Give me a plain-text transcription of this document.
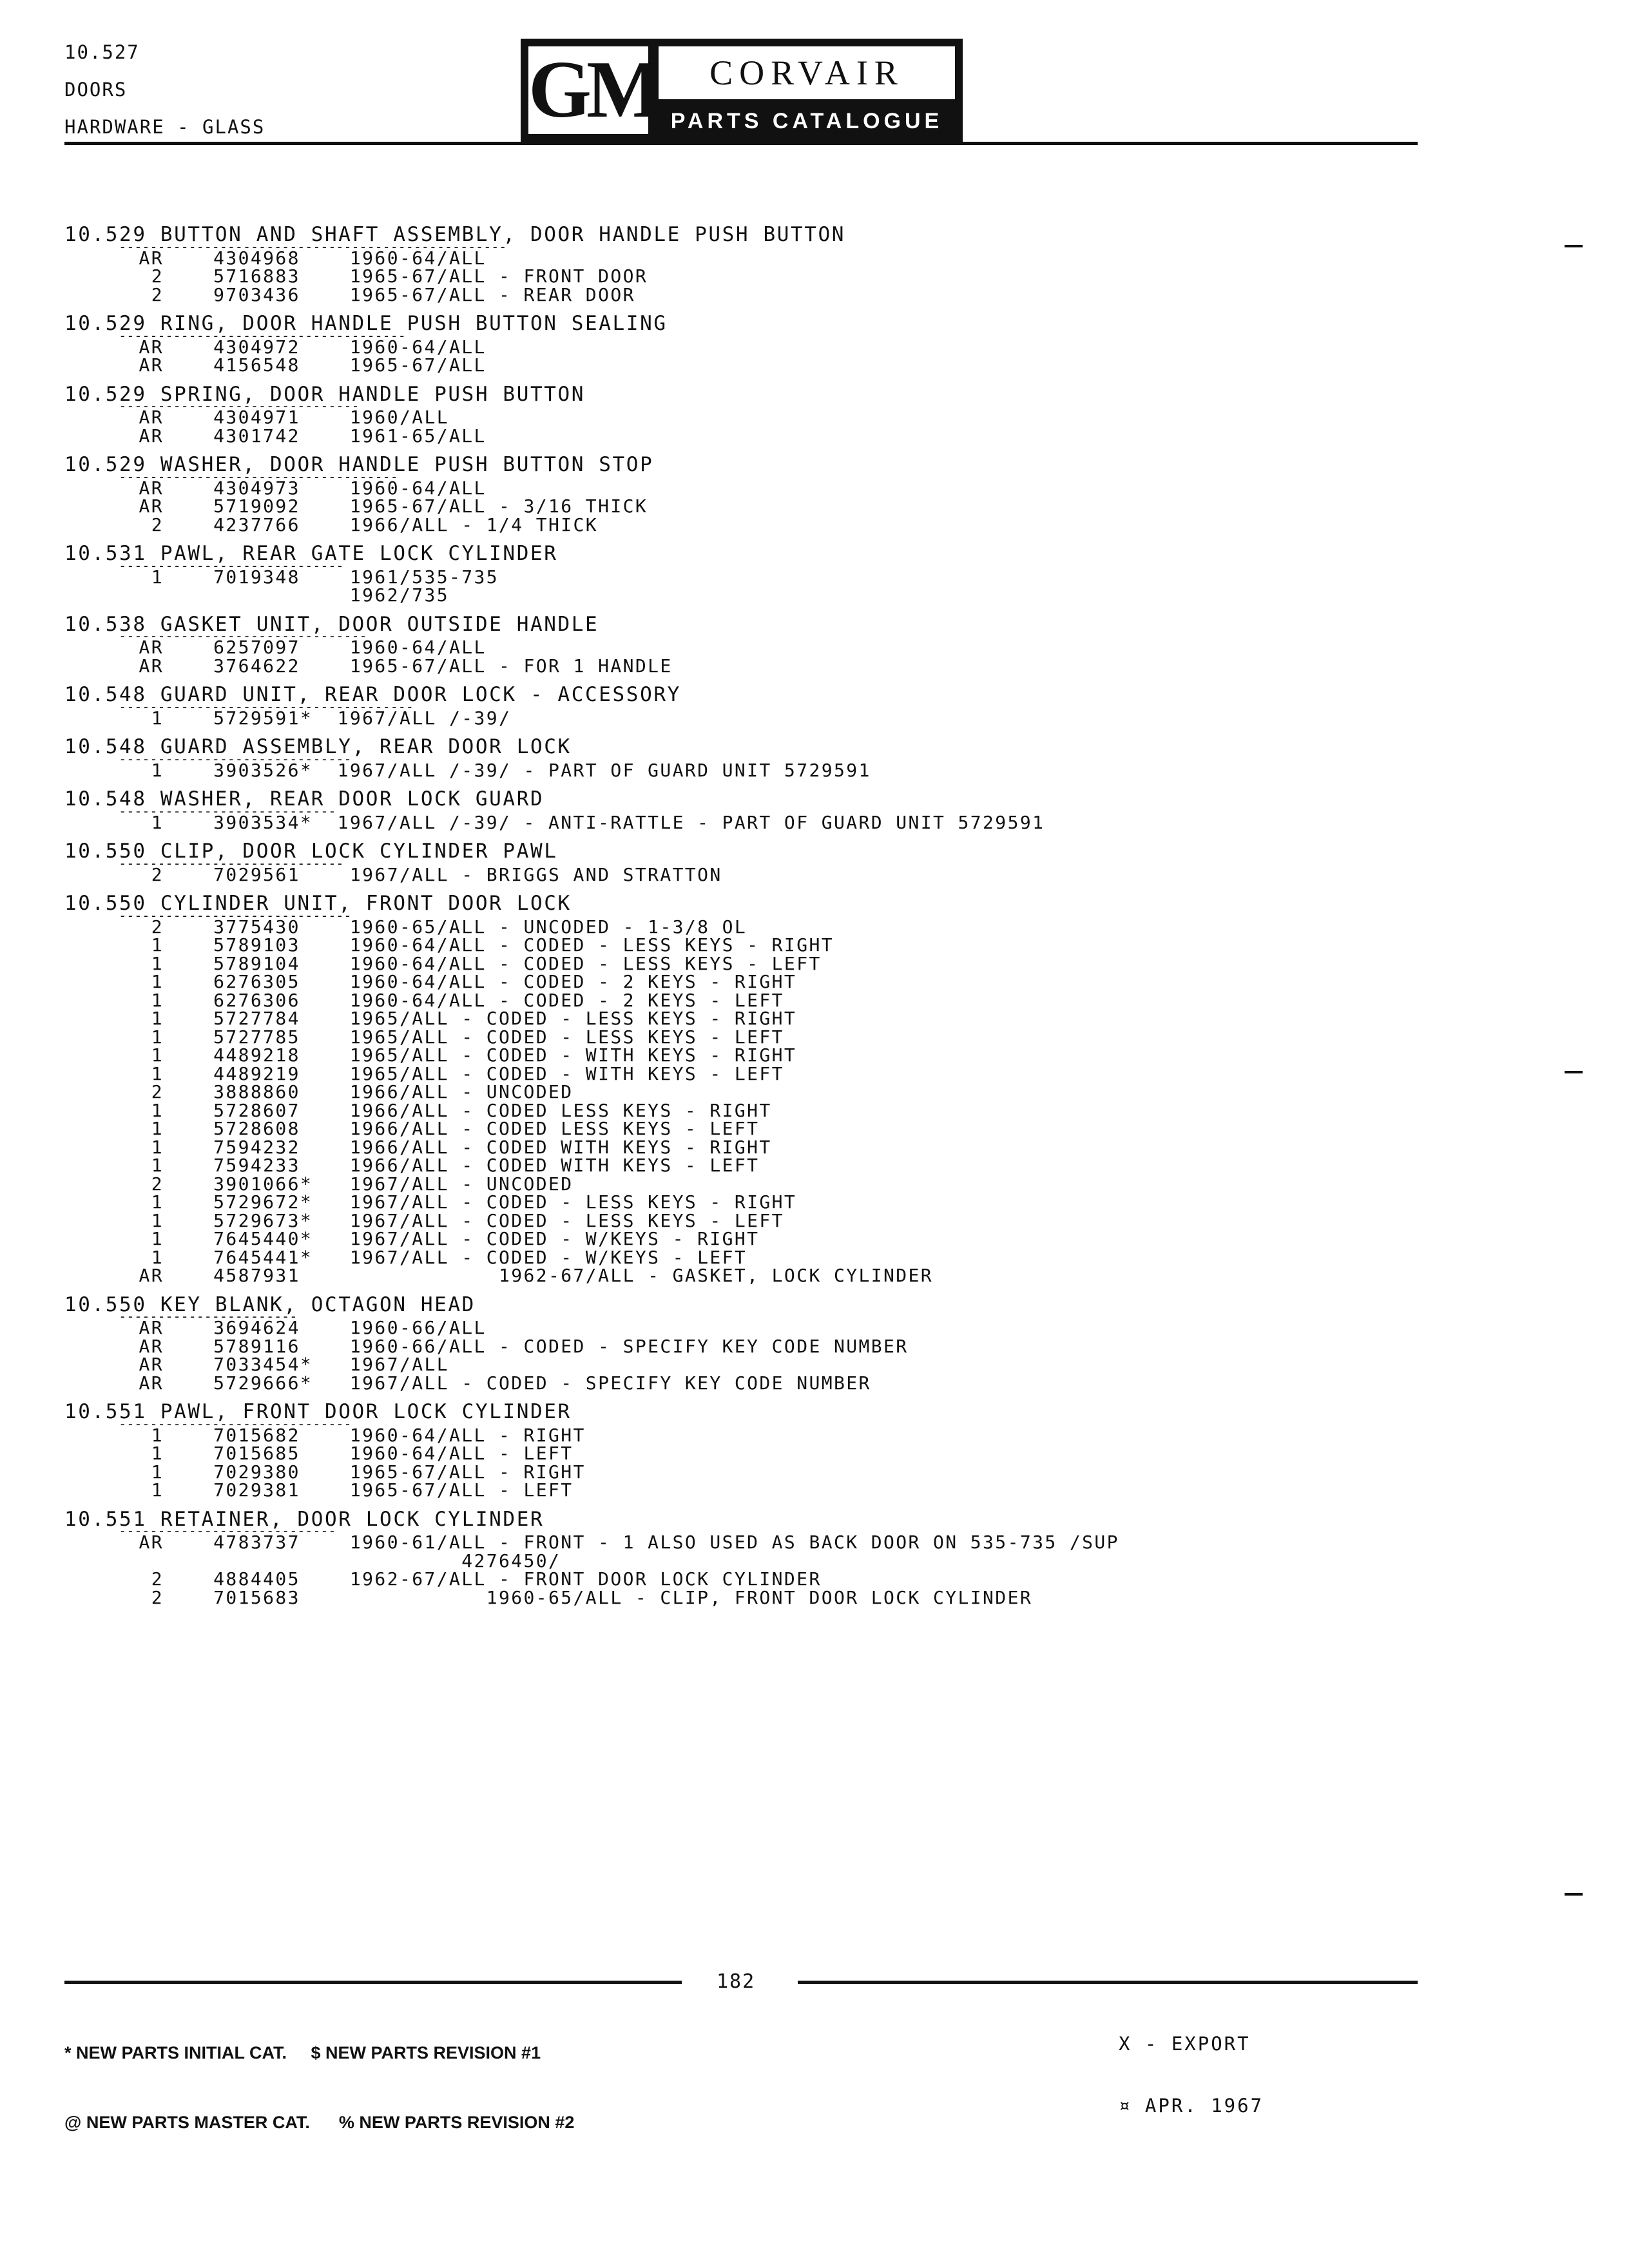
10.527
DOORS
HARDWARE - GLASS	GM	CORVAIR
PARTS CATALOGUE
10.529 BUTTON AND SHAFT ASSEMBLY, DOOR HANDLE PUSH BUTTON
AR    4304968    1960-64/ALL
2    5716883    1965-67/ALL - FRONT DOOR
2    9703436    1965-67/ALL - REAR DOOR
10.529 RING, DOOR HANDLE PUSH BUTTON SEALING
AR    4304972    1960-64/ALL
AR    4156548    1965-67/ALL
10.529 SPRING, DOOR HANDLE PUSH BUTTON
AR    4304971    1960/ALL
AR    4301742    1961-65/ALL
10.529 WASHER, DOOR HANDLE PUSH BUTTON STOP
AR    4304973    1960-64/ALL
AR    5719092    1965-67/ALL - 3/16 THICK
2    4237766    1966/ALL - 1/4 THICK
10.531 PAWL, REAR GATE LOCK CYLINDER
1    7019348    1961/535-735
1962/735
10.538 GASKET UNIT, DOOR OUTSIDE HANDLE
AR    6257097    1960-64/ALL
AR    3764622    1965-67/ALL - FOR 1 HANDLE
10.548 GUARD UNIT, REAR DOOR LOCK - ACCESSORY
1    5729591*  1967/ALL /-39/
10.548 GUARD ASSEMBLY, REAR DOOR LOCK
1    3903526*  1967/ALL /-39/ - PART OF GUARD UNIT 5729591
10.548 WASHER, REAR DOOR LOCK GUARD
1    3903534*  1967/ALL /-39/ - ANTI-RATTLE - PART OF GUARD UNIT 5729591
10.550 CLIP, DOOR LOCK CYLINDER PAWL
2    7029561    1967/ALL - BRIGGS AND STRATTON
10.550 CYLINDER UNIT, FRONT DOOR LOCK
2    3775430    1960-65/ALL - UNCODED - 1-3/8 OL
1    5789103    1960-64/ALL - CODED - LESS KEYS - RIGHT
1    5789104    1960-64/ALL - CODED - LESS KEYS - LEFT
1    6276305    1960-64/ALL - CODED - 2 KEYS - RIGHT
1    6276306    1960-64/ALL - CODED - 2 KEYS - LEFT
1    5727784    1965/ALL - CODED - LESS KEYS - RIGHT
1    5727785    1965/ALL - CODED - LESS KEYS - LEFT
1    4489218    1965/ALL - CODED - WITH KEYS - RIGHT
1    4489219    1965/ALL - CODED - WITH KEYS - LEFT
2    3888860    1966/ALL - UNCODED
1    5728607    1966/ALL - CODED LESS KEYS - RIGHT
1    5728608    1966/ALL - CODED LESS KEYS - LEFT
1    7594232    1966/ALL - CODED WITH KEYS - RIGHT
1    7594233    1966/ALL - CODED WITH KEYS - LEFT
2    3901066*   1967/ALL - UNCODED
1    5729672*   1967/ALL - CODED - LESS KEYS - RIGHT
1    5729673*   1967/ALL - CODED - LESS KEYS - LEFT
1    7645440*   1967/ALL - CODED - W/KEYS - RIGHT
1    7645441*   1967/ALL - CODED - W/KEYS - LEFT
AR    4587931                1962-67/ALL - GASKET, LOCK CYLINDER
10.550 KEY BLANK, OCTAGON HEAD
AR    3694624    1960-66/ALL
AR    5789116    1960-66/ALL - CODED - SPECIFY KEY CODE NUMBER
AR    7033454*   1967/ALL
AR    5729666*   1967/ALL - CODED - SPECIFY KEY CODE NUMBER
10.551 PAWL, FRONT DOOR LOCK CYLINDER
1    7015682    1960-64/ALL - RIGHT
1    7015685    1960-64/ALL - LEFT
1    7029380    1965-67/ALL - RIGHT
1    7029381    1965-67/ALL - LEFT
10.551 RETAINER, DOOR LOCK CYLINDER
AR    4783737    1960-61/ALL - FRONT - 1 ALSO USED AS BACK DOOR ON 535-735 /SUP
4276450/
2    4884405    1962-67/ALL - FRONT DOOR LOCK CYLINDER
2    7015683               1960-65/ALL - CLIP, FRONT DOOR LOCK CYLINDER
182

* NEW PARTS INITIAL CAT.     $ NEW PARTS REVISION #1

@ NEW PARTS MASTER CAT.      % NEW PARTS REVISION #2

X - EXPORT

¤ APR. 1967
